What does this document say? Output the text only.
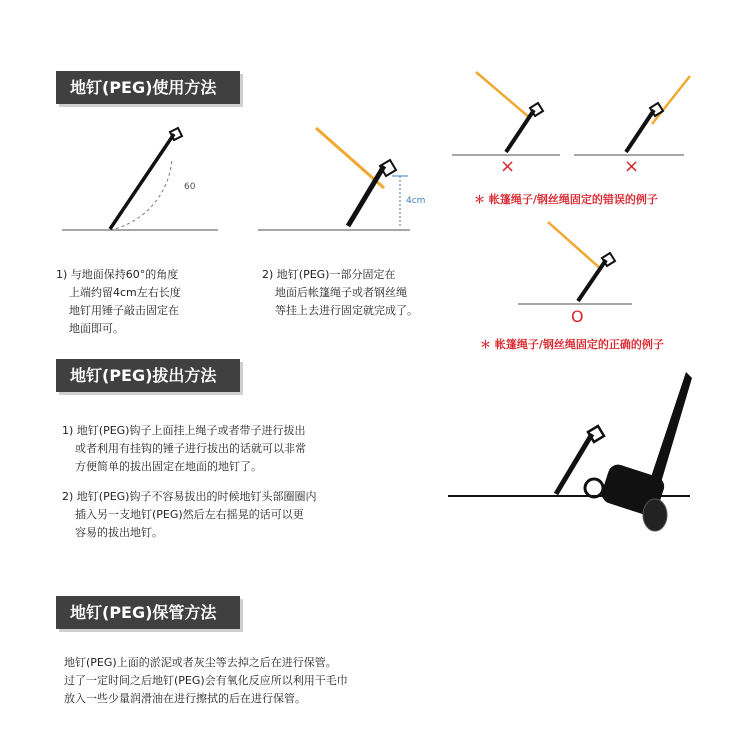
地钉(PEG)使用方法
地钉(PEG)拔出方法
地钉(PEG)保管方法
60
4cm

1) 与地面保持60°的角度

上端约留4cm左右长度

地钉用锤子敲击固定在

地面即可。

2) 地钉(PEG)一部分固定在

地面后帐篷绳子或者钢丝绳

等挂上去进行固定就完成了。

×	×
＊ 帐篷绳子/钢丝绳固定的错误的例子
O
＊ 帐篷绳子/钢丝绳固定的正确的例子

1) 地钉(PEG)钩子上面挂上绳子或者带子进行拔出

或者利用有挂钩的锤子进行拔出的话就可以非常

方便简单的拔出固定在地面的地钉了。

2) 地钉(PEG)钩子不容易拔出的时候地钉头部圈圈内

插入另一支地钉(PEG)然后左右摇晃的话可以更

容易的拔出地钉。

地钉(PEG)上面的淤泥或者灰尘等去掉之后在进行保管。

过了一定时间之后地钉(PEG)会有氧化反应所以利用干毛巾

放入一些少量润滑油在进行擦拭的后在进行保管。
